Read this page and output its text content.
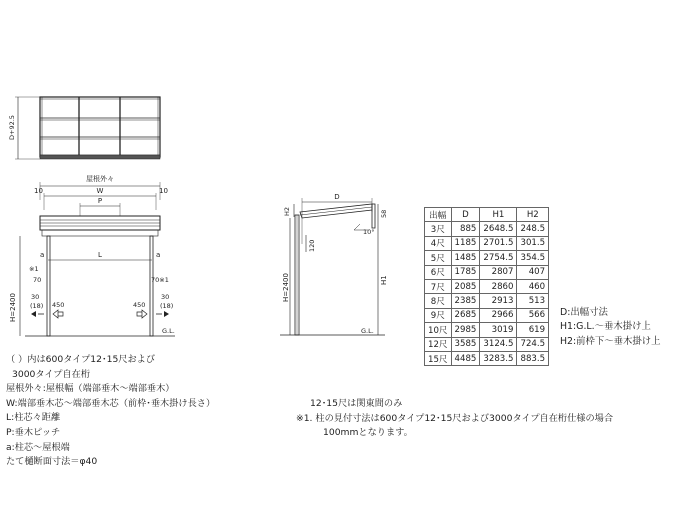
D+92.5
屋根外々
W
10	10
P
L
a	a
※1
70※1
70
H=2400 30
(18)
30
(18)
450	450
G.L.
D
H2	58
10°
120
H=2400	H1
G.L.
出幅	D	H1	H2
3尺	885	2648.5	248.5
4尺	1185	2701.5	301.5
5尺	1485	2754.5	354.5
6尺	1785	2807	407
7尺	2085	2860	460
8尺	2385	2913	513
9尺	2685	2966	566
10尺	2985	3019	619
12尺	3585	3124.5	724.5
15尺	4485	3283.5	883.5
D:出幅寸法
H1:G.L.～垂木掛け上
H2:前枠下～垂木掛け上
（ ）内は600タイプ12･15尺および
3000タイプ自在桁
屋根外々:屋根幅（端部垂木～端部垂木）
W:端部垂木芯～端部垂木芯（前枠･垂木掛け長さ）
L:柱芯々距離
P:垂木ピッチ
a:柱芯～屋根端
たて樋断面寸法＝φ40
12･15尺は関東間のみ
※1. 柱の見付寸法は600タイプ12･15尺および3000タイプ自在桁仕様の場合
100mmとなります。
